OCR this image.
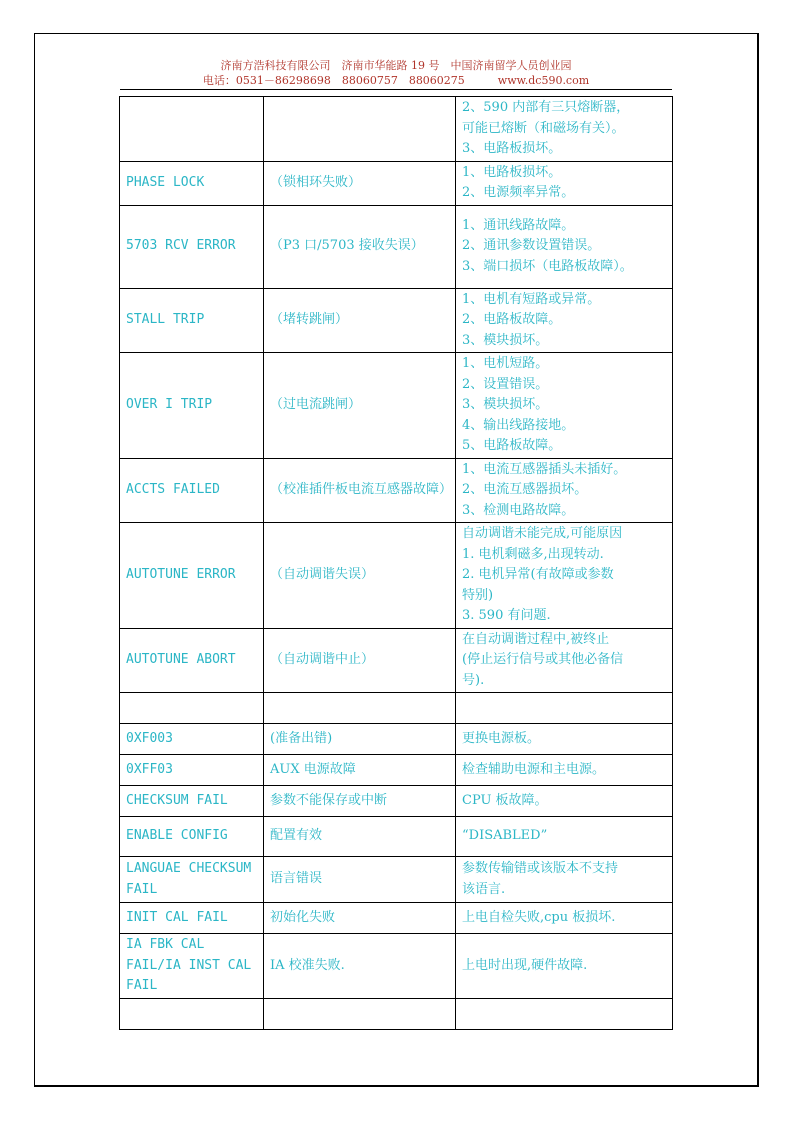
济南方浩科技有限公司　济南市华能路 19 号　中国济南留学人员创业园
电话：0531－86298698　88060757　88060275　　　www.dc590.com

		2、590 内部有三只熔断器，
可能已熔断（和磁场有关）。
3、电路板损坏。

PHASE LOCK	（锁相环失败）	1、电路板损坏。
2、电源频率异常。

5703 RCV ERROR	（P3 口/5703 接收失误）	1、通讯线路故障。
2、通讯参数设置错误。
3、端口损坏（电路板故障）。

STALL TRIP	（堵转跳闸）	1、电机有短路或异常。
2、电路板故障。
3、模块损坏。

OVER I TRIP	（过电流跳闸）	1、电机短路。
2、设置错误。
3、模块损坏。
4、输出线路接地。
5、电路板故障。

ACCTS FAILED	（校准插件板电流互感器故障）	1、电流互感器插头未插好。
2、电流互感器损坏。
3、检测电路故障。

AUTOTUNE ERROR	（自动调谐失误）	自动调谐未能完成,可能原因
1. 电机剩磁多,出现转动.
2. 电机异常(有故障或参数
特别)
3. 590 有问题.

AUTOTUNE ABORT	（自动调谐中止）	在自动调谐过程中,被终止
(停止运行信号或其他必备信
号).

0XF003	(准备出错)	更换电源板。

0XFF03	AUX 电源故障	检查辅助电源和主电源。

CHECKSUM FAIL	参数不能保存或中断	CPU 板故障。

ENABLE CONFIG	配置有效	“DISABLED”

LANGUAE CHECKSUM FAIL	语言错误	参数传输错或该版本不支持
该语言.

INIT CAL FAIL	初始化失败	上电自检失败,cpu 板损坏.

IA FBK CAL FAIL/IA INST CAL FAIL	IA 校准失败.	上电时出现,硬件故障.
